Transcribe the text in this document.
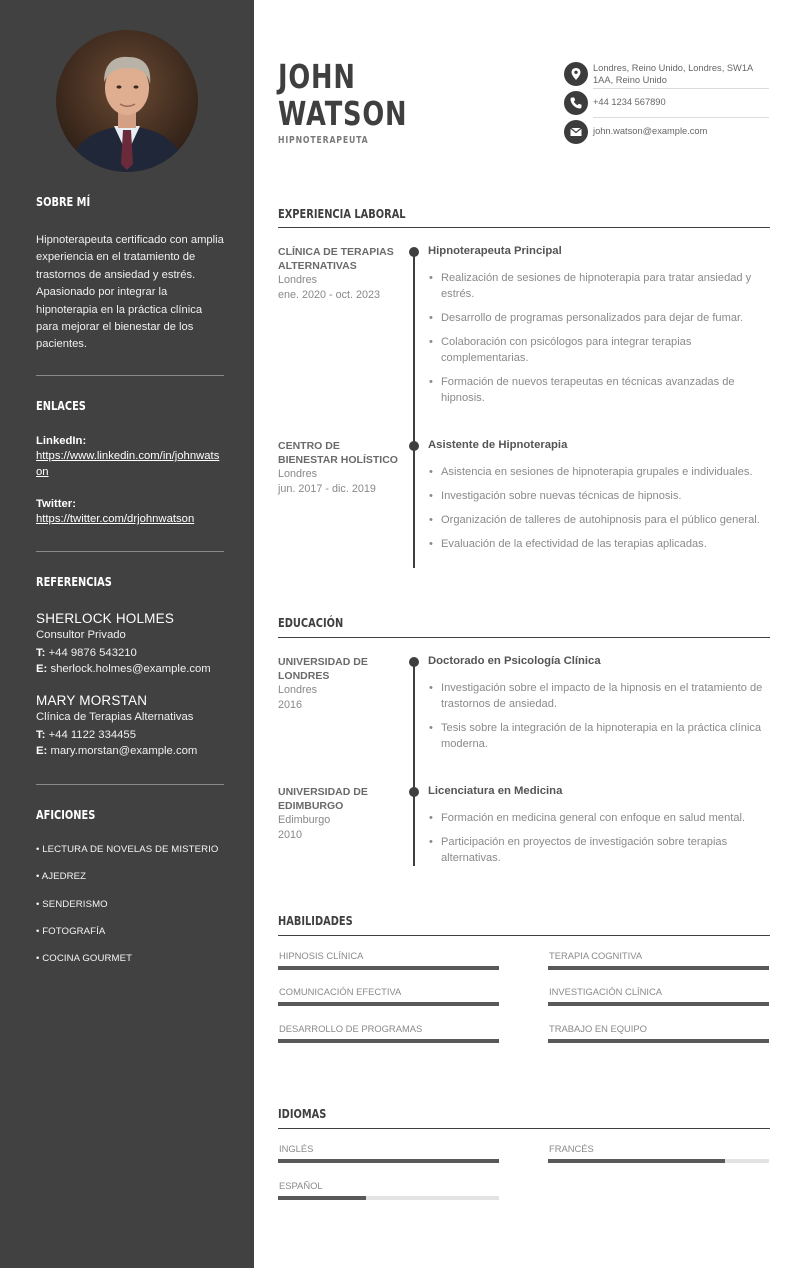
SOBRE MÍ
Hipnoterapeuta certificado con amplia experiencia en el tratamiento de trastornos de ansiedad y estrés. Apasionado por integrar la hipnoterapia en la práctica clínica para mejorar el bienestar de los pacientes.
ENLACES
LinkedIn:
https://www.linkedin.com/in/johnwatson
Twitter:
https://twitter.com/drjohnwatson
REFERENCIAS
SHERLOCK HOLMES
Consultor Privado
T: +44 9876 543210
E: sherlock.holmes@example.com
MARY MORSTAN
Clínica de Terapias Alternativas
T: +44 1122 334455
E: mary.morstan@example.com
AFICIONES
• LECTURA DE NOVELAS DE MISTERIO
• AJEDREZ
• SENDERISMO
• FOTOGRAFÍA
• COCINA GOURMET
JOHN
WATSON
HIPNOTERAPEUTA
Londres, Reino Unido, Londres, SW1A 1AA, Reino Unido
+44 1234 567890
john.watson@example.com
EXPERIENCIA LABORAL
CLÍNICA DE TERAPIAS ALTERNATIVAS
Londres
ene. 2020 - oct. 2023
Hipnoterapeuta Principal
• Realización de sesiones de hipnoterapia para tratar ansiedad y estrés.
• Desarrollo de programas personalizados para dejar de fumar.
• Colaboración con psicólogos para integrar terapias complementarias.
• Formación de nuevos terapeutas en técnicas avanzadas de hipnosis.
CENTRO DE BIENESTAR HOLÍSTICO
Londres
jun. 2017 - dic. 2019
Asistente de Hipnoterapia
• Asistencia en sesiones de hipnoterapia grupales e individuales.
• Investigación sobre nuevas técnicas de hipnosis.
• Organización de talleres de autohipnosis para el público general.
• Evaluación de la efectividad de las terapias aplicadas.
EDUCACIÓN
UNIVERSIDAD DE LONDRES
Londres
2016
Doctorado en Psicología Clínica
• Investigación sobre el impacto de la hipnosis en el tratamiento de trastornos de ansiedad.
• Tesis sobre la integración de la hipnoterapia en la práctica clínica moderna.
UNIVERSIDAD DE EDIMBURGO
Edimburgo
2010
Licenciatura en Medicina
• Formación en medicina general con enfoque en salud mental.
• Participación en proyectos de investigación sobre terapias alternativas.
HABILIDADES
HIPNOSIS CLÍNICA	TERAPIA COGNITIVA
COMUNICACIÓN EFECTIVA	INVESTIGACIÓN CLÍNICA
DESARROLLO DE PROGRAMAS	TRABAJO EN EQUIPO
IDIOMAS
INGLÉS	FRANCÉS
ESPAÑOL
